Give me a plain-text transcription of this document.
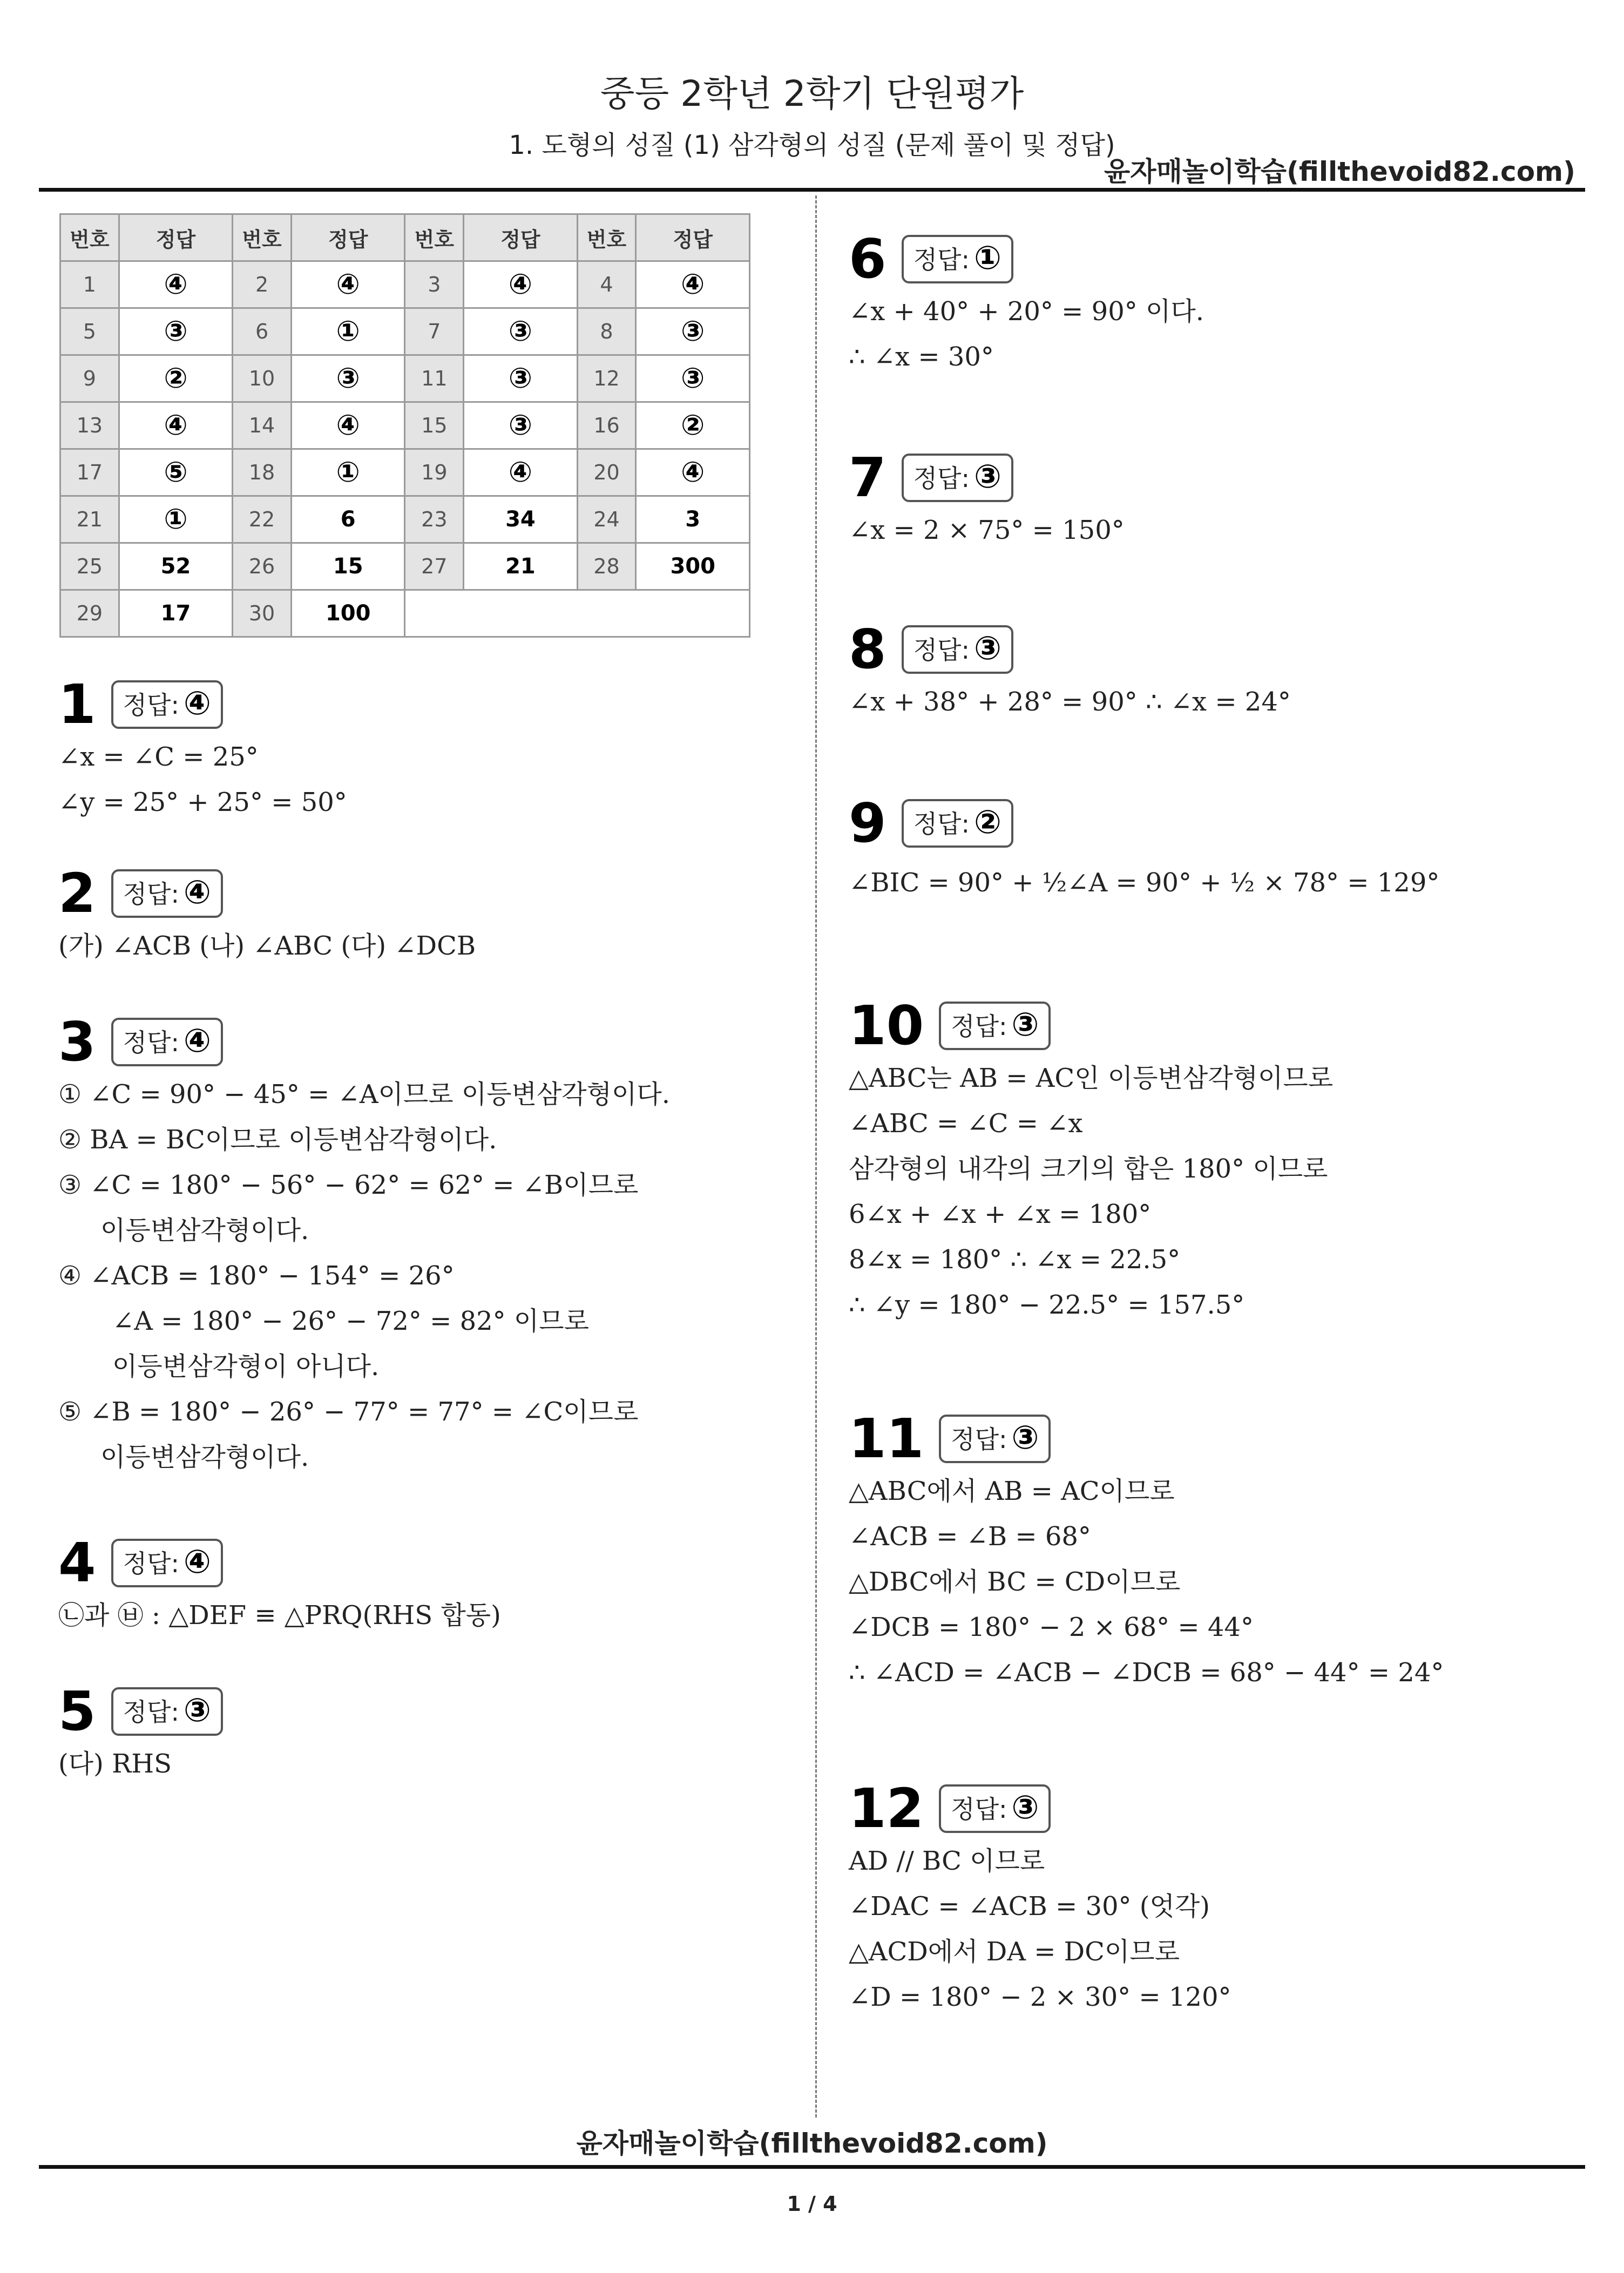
중등 2학년 2학기 단원평가
1. 도형의 성질 (1) 삼각형의 성질 (문제 풀이 및 정답)
윤자매놀이학습(fillthevoid82.com)
번호	정답	번호	정답	번호	정답	번호	정답
1	④	2	④	3	④	4	④
5	③	6	①	7	③	8	③
9	②	10	③	11	③	12	③
13	④	14	④	15	③	16	②
17	⑤	18	①	19	④	20	④
21	①	22	6	23	34	24	3
25	52	26	15	27	21	28	300
29	17	30	100				
1 정답: ④
∠x = ∠C = 25°
∠y = 25° + 25° = 50°
2 정답: ④
(가) ∠ACB (나) ∠ABC (다) ∠DCB
3 정답: ④
① ∠C = 90° − 45° = ∠A이므로 이등변삼각형이다.
② BA = BC이므로 이등변삼각형이다.
③ ∠C = 180° − 56° − 62° = 62° = ∠B이므로
이등변삼각형이다.
④ ∠ACB = 180° − 154° = 26°
∠A = 180° − 26° − 72° = 82° 이므로
이등변삼각형이 아니다.
⑤ ∠B = 180° − 26° − 77° = 77° = ∠C이므로
이등변삼각형이다.
4 정답: ④
㉡과 ㉥ : △DEF ≡ △PRQ(RHS 합동)
5 정답: ③
(다) RHS
6 정답: ①
∠x + 40° + 20° = 90° 이다.
∴ ∠x = 30°
7 정답: ③
∠x = 2 × 75° = 150°
8 정답: ③
∠x + 38° + 28° = 90° ∴ ∠x = 24°
9 정답: ②
∠BIC = 90° + ½∠A = 90° + ½ × 78° = 129°
10 정답: ③
△ABC는 AB = AC인 이등변삼각형이므로
∠ABC = ∠C = ∠x
삼각형의 내각의 크기의 합은 180° 이므로
6∠x + ∠x + ∠x = 180°
8∠x = 180° ∴ ∠x = 22.5°
∴ ∠y = 180° − 22.5° = 157.5°
11 정답: ③
△ABC에서 AB = AC이므로
∠ACB = ∠B = 68°
△DBC에서 BC = CD이므로
∠DCB = 180° − 2 × 68° = 44°
∴ ∠ACD = ∠ACB − ∠DCB = 68° − 44° = 24°
12 정답: ③
AD // BC 이므로
∠DAC = ∠ACB = 30° (엇각)
△ACD에서 DA = DC이므로
∠D = 180° − 2 × 30° = 120°
윤자매놀이학습(fillthevoid82.com)
1 / 4
